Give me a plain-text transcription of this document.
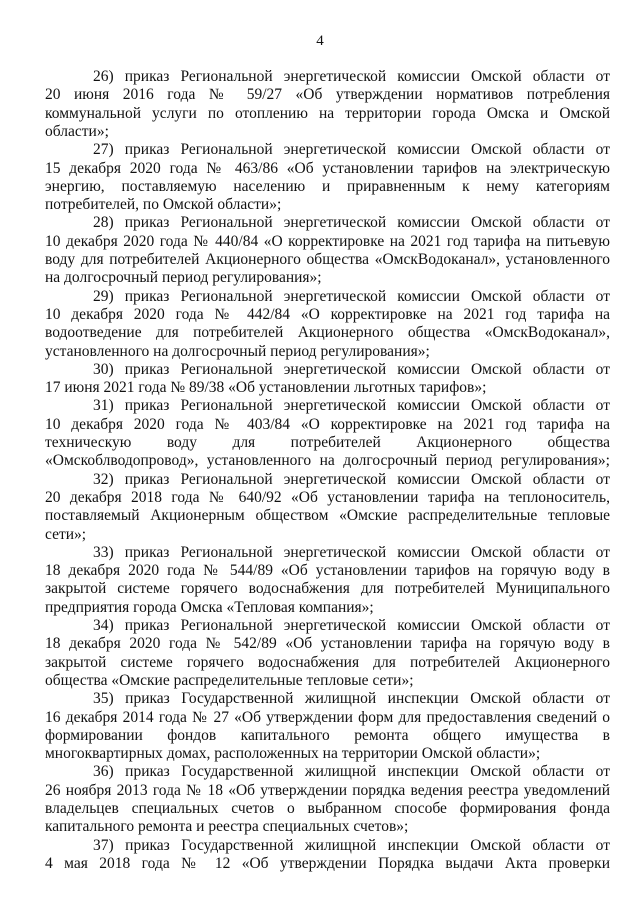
4
26) приказ Региональной энергетической комиссии Омской области от
20 июня 2016 года № 59/27 «Об утверждении нормативов потребления
коммунальной услуги по отоплению на территории города Омска и Омской
области»;
27) приказ Региональной энергетической комиссии Омской области от
15 декабря 2020 года № 463/86 «Об установлении тарифов на электрическую
энергию, поставляемую населению и приравненным к нему категориям
потребителей, по Омской области»;
28) приказ Региональной энергетической комиссии Омской области от
10 декабря 2020 года № 440/84 «О корректировке на 2021 год тарифа на питьевую
воду для потребителей Акционерного общества «ОмскВодоканал», установленного
на долгосрочный период регулирования»;
29) приказ Региональной энергетической комиссии Омской области от
10 декабря 2020 года № 442/84 «О корректировке на 2021 год тарифа на
водоотведение для потребителей Акционерного общества «ОмскВодоканал»,
установленного на долгосрочный период регулирования»;
30) приказ Региональной энергетической комиссии Омской области от
17 июня 2021 года № 89/38 «Об установлении льготных тарифов»;
31) приказ Региональной энергетической комиссии Омской области от
10 декабря 2020 года № 403/84 «О корректировке на 2021 год тарифа на
техническую воду для потребителей Акционерного общества
«Омскоблводопровод», установленного на долгосрочный период регулирования»;
32) приказ Региональной энергетической комиссии Омской области от
20 декабря 2018 года № 640/92 «Об установлении тарифа на теплоноситель,
поставляемый Акционерным обществом «Омские распределительные тепловые
сети»;
33) приказ Региональной энергетической комиссии Омской области от
18 декабря 2020 года № 544/89 «Об установлении тарифов на горячую воду в
закрытой системе горячего водоснабжения для потребителей Муниципального
предприятия города Омска «Тепловая компания»;
34) приказ Региональной энергетической комиссии Омской области от
18 декабря 2020 года № 542/89 «Об установлении тарифа на горячую воду в
закрытой системе горячего водоснабжения для потребителей Акционерного
общества «Омские распределительные тепловые сети»;
35) приказ Государственной жилищной инспекции Омской области от
16 декабря 2014 года № 27 «Об утверждении форм для предоставления сведений о
формировании фондов капитального ремонта общего имущества в
многоквартирных домах, расположенных на территории Омской области»;
36) приказ Государственной жилищной инспекции Омской области от
26 ноября 2013 года № 18 «Об утверждении порядка ведения реестра уведомлений
владельцев специальных счетов о выбранном способе формирования фонда
капитального ремонта и реестра специальных счетов»;
37) приказ Государственной жилищной инспекции Омской области от
4 мая 2018 года № 12 «Об утверждении Порядка выдачи Акта проверки
